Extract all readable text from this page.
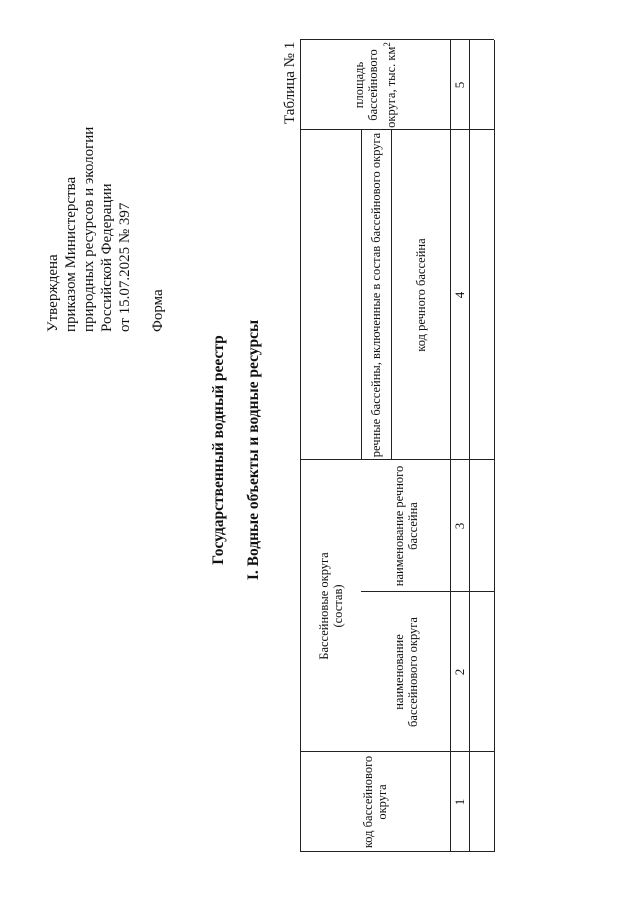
Утверждена приказом Министерства природных ресурсов и экологии Российской Федерации от 15.07.2025 № 397 Форма
Государственный водный реестр I. Водные объекты и водные ресурсы
Таблица № 1
код бассейнового округа
Бассейновые округа
(состав)
речные бассейны, включенные в состав бассейнового округа
наименование бассейнового округа
наименование речного бассейна
код речного бассейна
площадь бассейнового округа, тыс. $км^2$
1
2
3
4
5
